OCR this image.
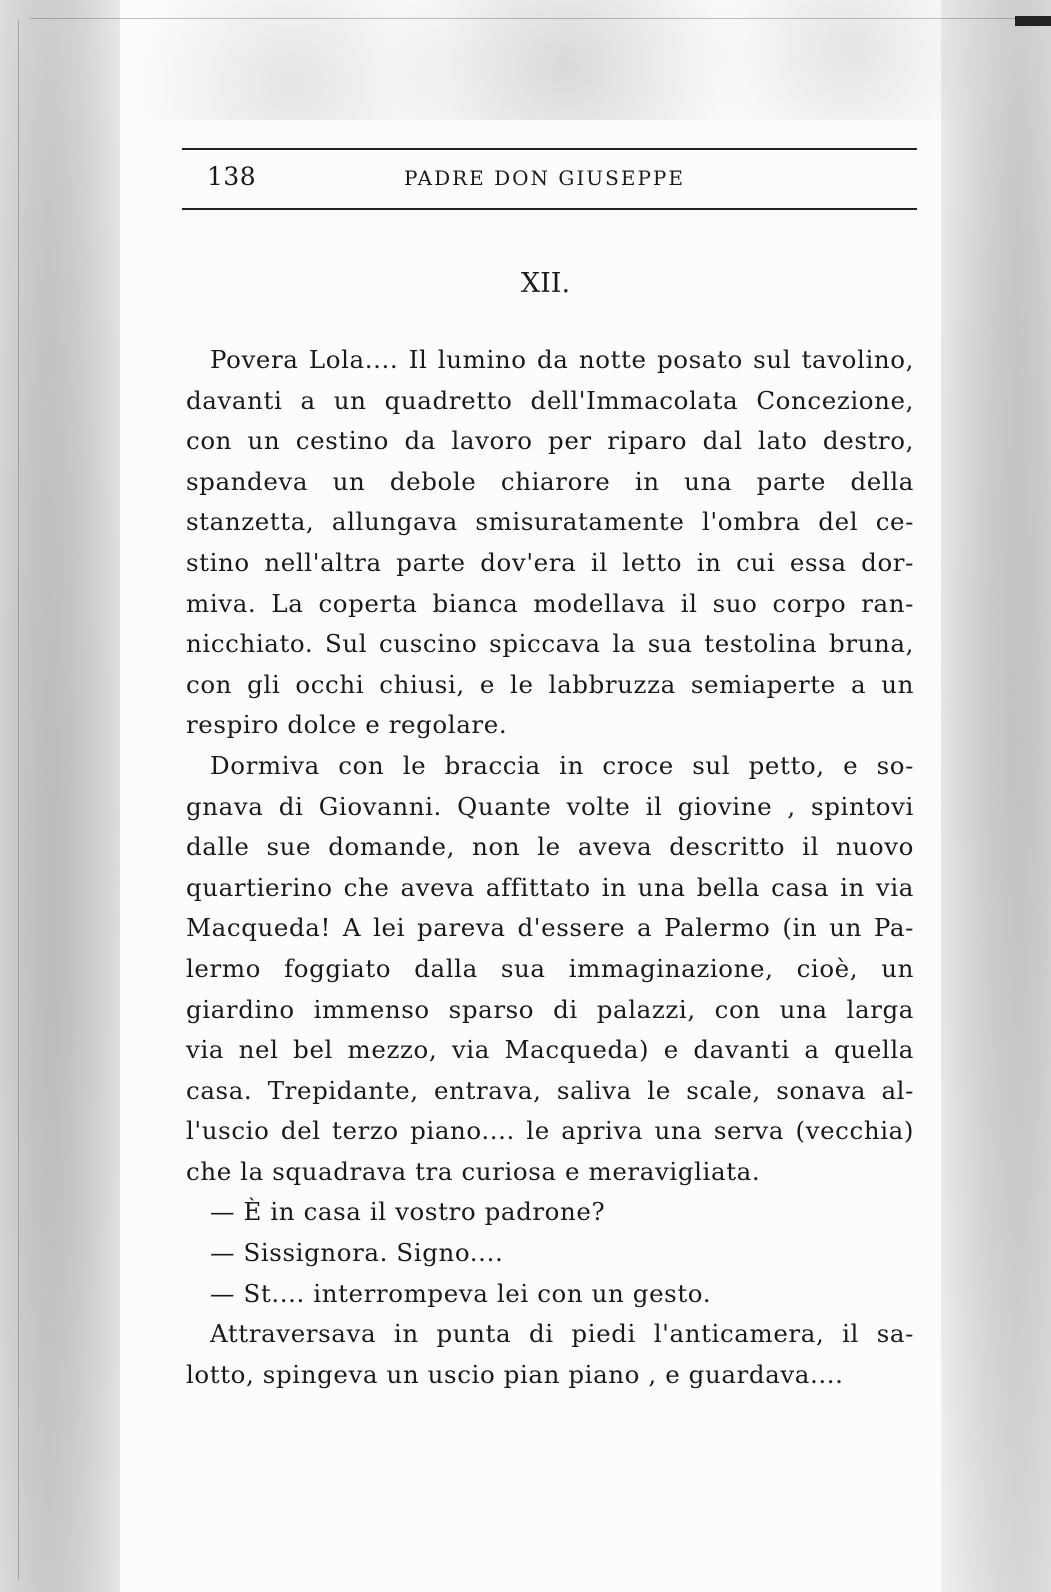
138	PADRE DON GIUSEPPE
XII.

Povera Lola.... Il lumino da notte posato sul tavolino,

davanti a un quadretto dell'Immacolata Concezione,

con un cestino da lavoro per riparo dal lato destro,

spandeva un debole chiarore in una parte della

stanzetta, allungava smisuratamente l'ombra del ce-

stino nell'altra parte dov'era il letto in cui essa dor-

miva. La coperta bianca modellava il suo corpo ran-

nicchiato. Sul cuscino spiccava la sua testolina bruna,

con gli occhi chiusi, e le labbruzza semiaperte a un

respiro dolce e regolare.

Dormiva con le braccia in croce sul petto, e so-

gnava di Giovanni. Quante volte il giovine , spintovi

dalle sue domande, non le aveva descritto il nuovo

quartierino che aveva affittato in una bella casa in via

Macqueda! A lei pareva d'essere a Palermo (in un Pa-

lermo foggiato dalla sua immaginazione, cioè, un

giardino immenso sparso di palazzi, con una larga

via nel bel mezzo, via Macqueda) e davanti a quella

casa. Trepidante, entrava, saliva le scale, sonava al-

l'uscio del terzo piano.... le apriva una serva (vecchia)

che la squadrava tra curiosa e meravigliata.

— È in casa il vostro padrone?

— Sissignora. Signo....

— St.... interrompeva lei con un gesto.

Attraversava in punta di piedi l'anticamera, il sa-

lotto, spingeva un uscio pian piano , e guardava....
